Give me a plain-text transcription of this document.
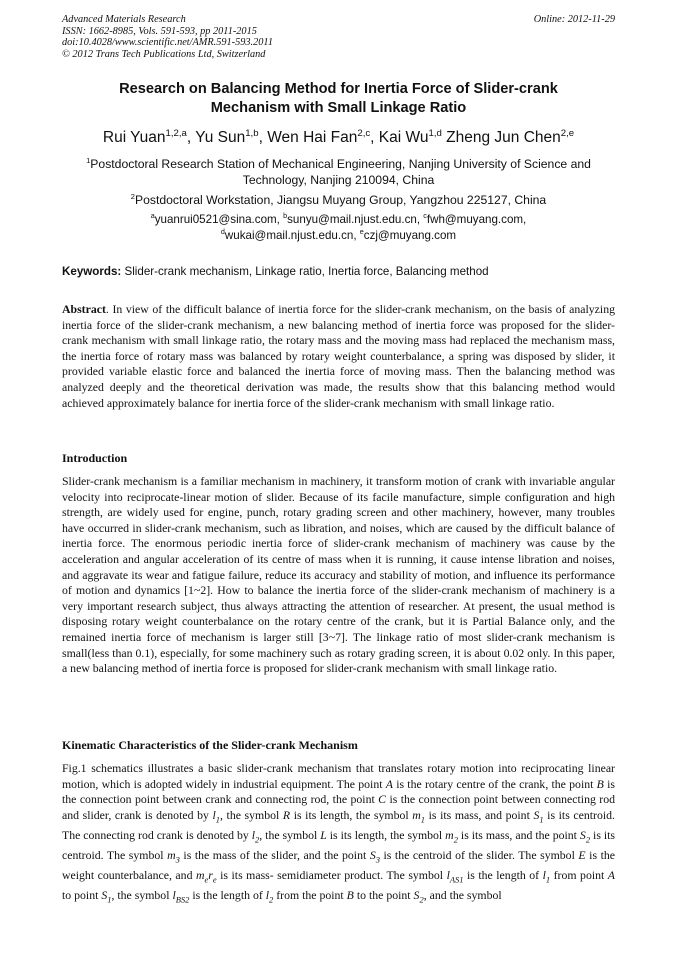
Advanced Materials Research
ISSN: 1662-8985, Vols. 591-593, pp 2011-2015
doi:10.4028/www.scientific.net/AMR.591-593.2011
© 2012 Trans Tech Publications Ltd, Switzerland
Online: 2012-11-29
Research on Balancing Method for Inertia Force of Slider-crank
Mechanism with Small Linkage Ratio
Rui Yuan$^{1,2,a}$, Yu Sun$^{1,b}$, Wen Hai Fan$^{2,c}$, Kai Wu$^{1,d}$ Zheng Jun Chen$^{2,e}$
$^1$Postdoctoral Research Station of Mechanical Engineering, Nanjing University of Science and Technology, Nanjing 210094, China
$^2$Postdoctoral Workstation, Jiangsu Muyang Group, Yangzhou 225127, China
$^a$yuanrui0521@sina.com, $^b$sunyu@mail.njust.edu.cn, $^c$fwh@muyang.com,
$^d$wukai@mail.njust.edu.cn, $^e$czj@muyang.com
Keywords: Slider-crank mechanism, Linkage ratio, Inertia force, Balancing method
Abstract. In view of the difficult balance of inertia force for the slider-crank mechanism, on the basis of analyzing inertia force of the slider-crank mechanism, a new balancing method of inertia force was proposed for the slider-crank mechanism with small linkage ratio, the rotary mass and the moving mass had replaced the mechanism mass, the inertia force of rotary mass was balanced by rotary weight counterbalance, a spring was disposed by slider, it provided variable elastic force and balanced the inertia force of moving mass. Then the balancing method was analyzed deeply and the theoretical derivation was made, the results show that this balancing method would achieved approximately balance for inertia force of the slider-crank mechanism with small linkage ratio.
Introduction
Slider-crank mechanism is a familiar mechanism in machinery, it transform motion of crank with invariable angular velocity into reciprocate-linear motion of slider. Because of its facile manufacture, simple configuration and high strength, are widely used for engine, punch, rotary grading screen and other machinery, however, many troubles have occurred in slider-crank mechanism, such as libration, and noises, which are caused by the difficult balance of inertia force. The enormous periodic inertia force of slider-crank mechanism of machinery was cause by the acceleration and angular acceleration of its centre of mass when it is running, it cause intense libration and noises, and aggravate its wear and fatigue failure, reduce its accuracy and stability of motion, and influence its performance of motion and dynamics [1~2]. How to balance the inertia force of the slider-crank mechanism of machinery is a very important research subject, thus always attracting the attention of researcher. At present, the usual method is disposing rotary weight counterbalance on the rotary centre of the crank, but it is Partial Balance only, and the remained inertia force of mechanism is larger still [3~7]. The linkage ratio of most slider-crank mechanism is small(less than 0.1), especially, for some machinery such as rotary grading screen, it is about 0.02 only. In this paper, a new balancing method of inertia force is proposed for slider-crank mechanism with small linkage ratio.
Kinematic Characteristics of the Slider-crank Mechanism
Fig.1 schematics illustrates a basic slider-crank mechanism that translates rotary motion into reciprocating linear motion, which is adopted widely in industrial equipment. The point A is the rotary centre of the crank, the point B is the connection point between crank and connecting rod, the point C is the connection point between connecting rod and slider, crank is denoted by $l_1$, the symbol R is its length, the symbol $m_1$ is its mass, and point $S_1$ is its centroid. The connecting rod crank is denoted by $l_2$, the symbol L is its length, the symbol $m_2$ is its mass, and the point $S_2$ is its centroid. The symbol $m_3$ is the mass of the slider, and the point $S_3$ is the centroid of the slider. The symbol E is the weight counterbalance, and $m_er_e$ is its mass- semidiameter product. The symbol $l_{AS1}$ is the length of $l_1$ from point A to point $S_1$, the symbol $l_{BS2}$ is the length of $l_2$ from the point B to the point $S_2$, and the symbol
